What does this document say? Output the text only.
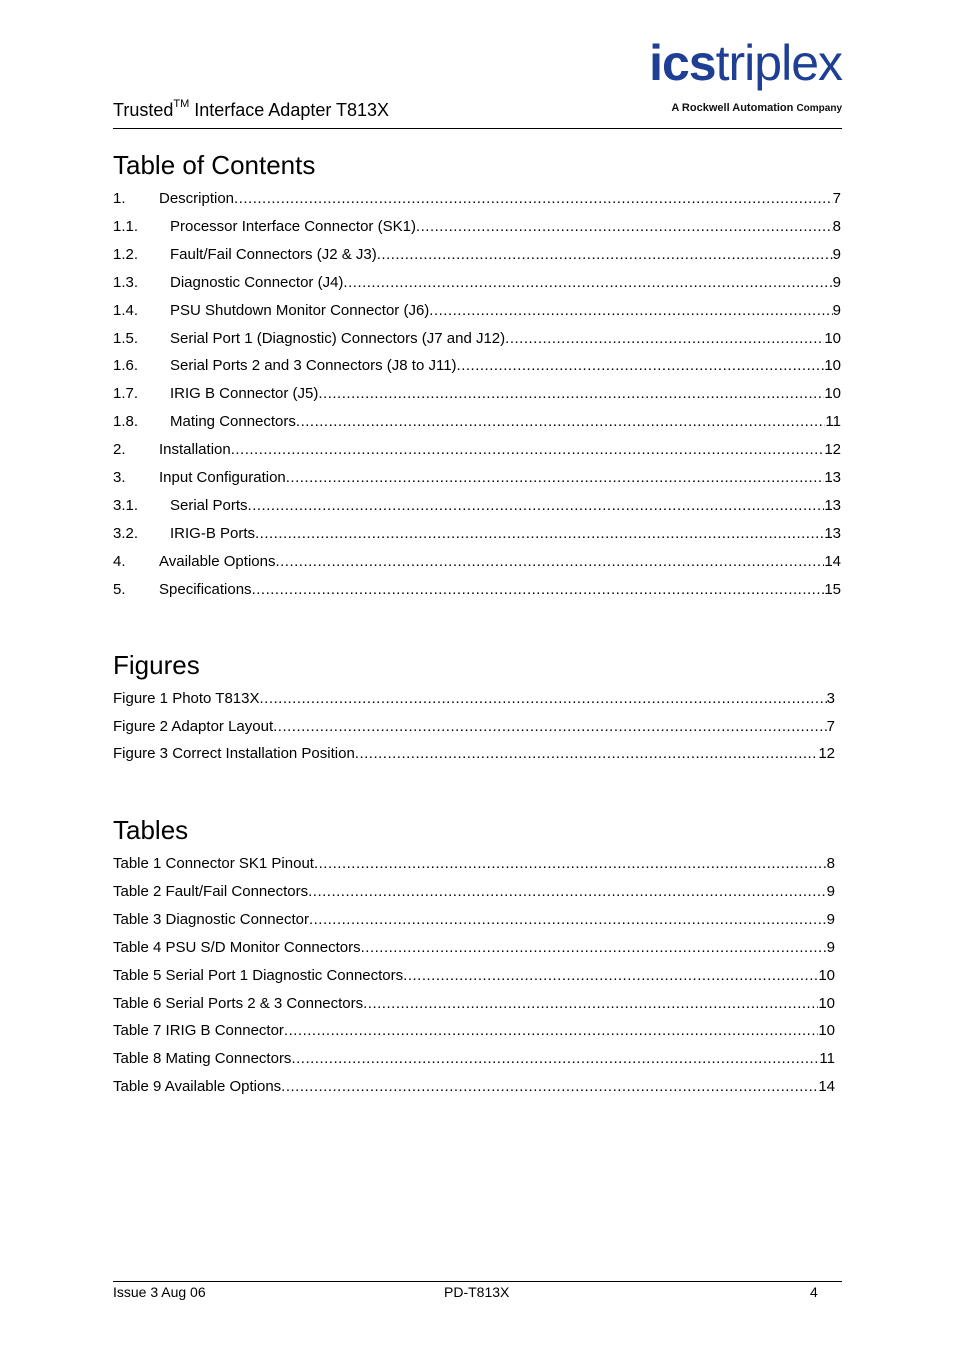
Trusted™ Interface Adapter T813X
icstriplex
A Rockwell Automation Company
Table of Contents
1.	Description .....	7
1.1.	Processor Interface Connector (SK1) .....	8
1.2.	Fault/Fail Connectors (J2 & J3) .....	9
1.3.	Diagnostic Connector (J4) .....	9
1.4.	PSU Shutdown Monitor Connector (J6) .....	9
1.5.	Serial Port 1 (Diagnostic) Connectors (J7 and J12) .....	10
1.6.	Serial Ports 2 and 3 Connectors (J8 to J11) .....	10
1.7.	IRIG B Connector (J5) .....	10
1.8.	Mating Connectors .....	11
2.	Installation .....	12
3.	Input Configuration .....	13
3.1.	Serial Ports .....	13
3.2.	IRIG-B Ports .....	13
4.	Available Options .....	14
5.	Specifications .....	15
Figures
Figure 1 Photo T813X .....	3
Figure 2 Adaptor Layout .....	7
Figure 3 Correct Installation Position .....	12
Tables
Table 1 Connector SK1 Pinout .....	8
Table 2 Fault/Fail Connectors .....	9
Table 3 Diagnostic Connector .....	9
Table 4 PSU S/D Monitor Connectors .....	9
Table 5 Serial Port 1 Diagnostic Connectors .....	10
Table 6 Serial Ports 2 & 3 Connectors .....	10
Table 7 IRIG B Connector .....	10
Table 8 Mating Connectors .....	11
Table 9 Available Options .....	14
Issue 3 Aug 06	PD-T813X	4
